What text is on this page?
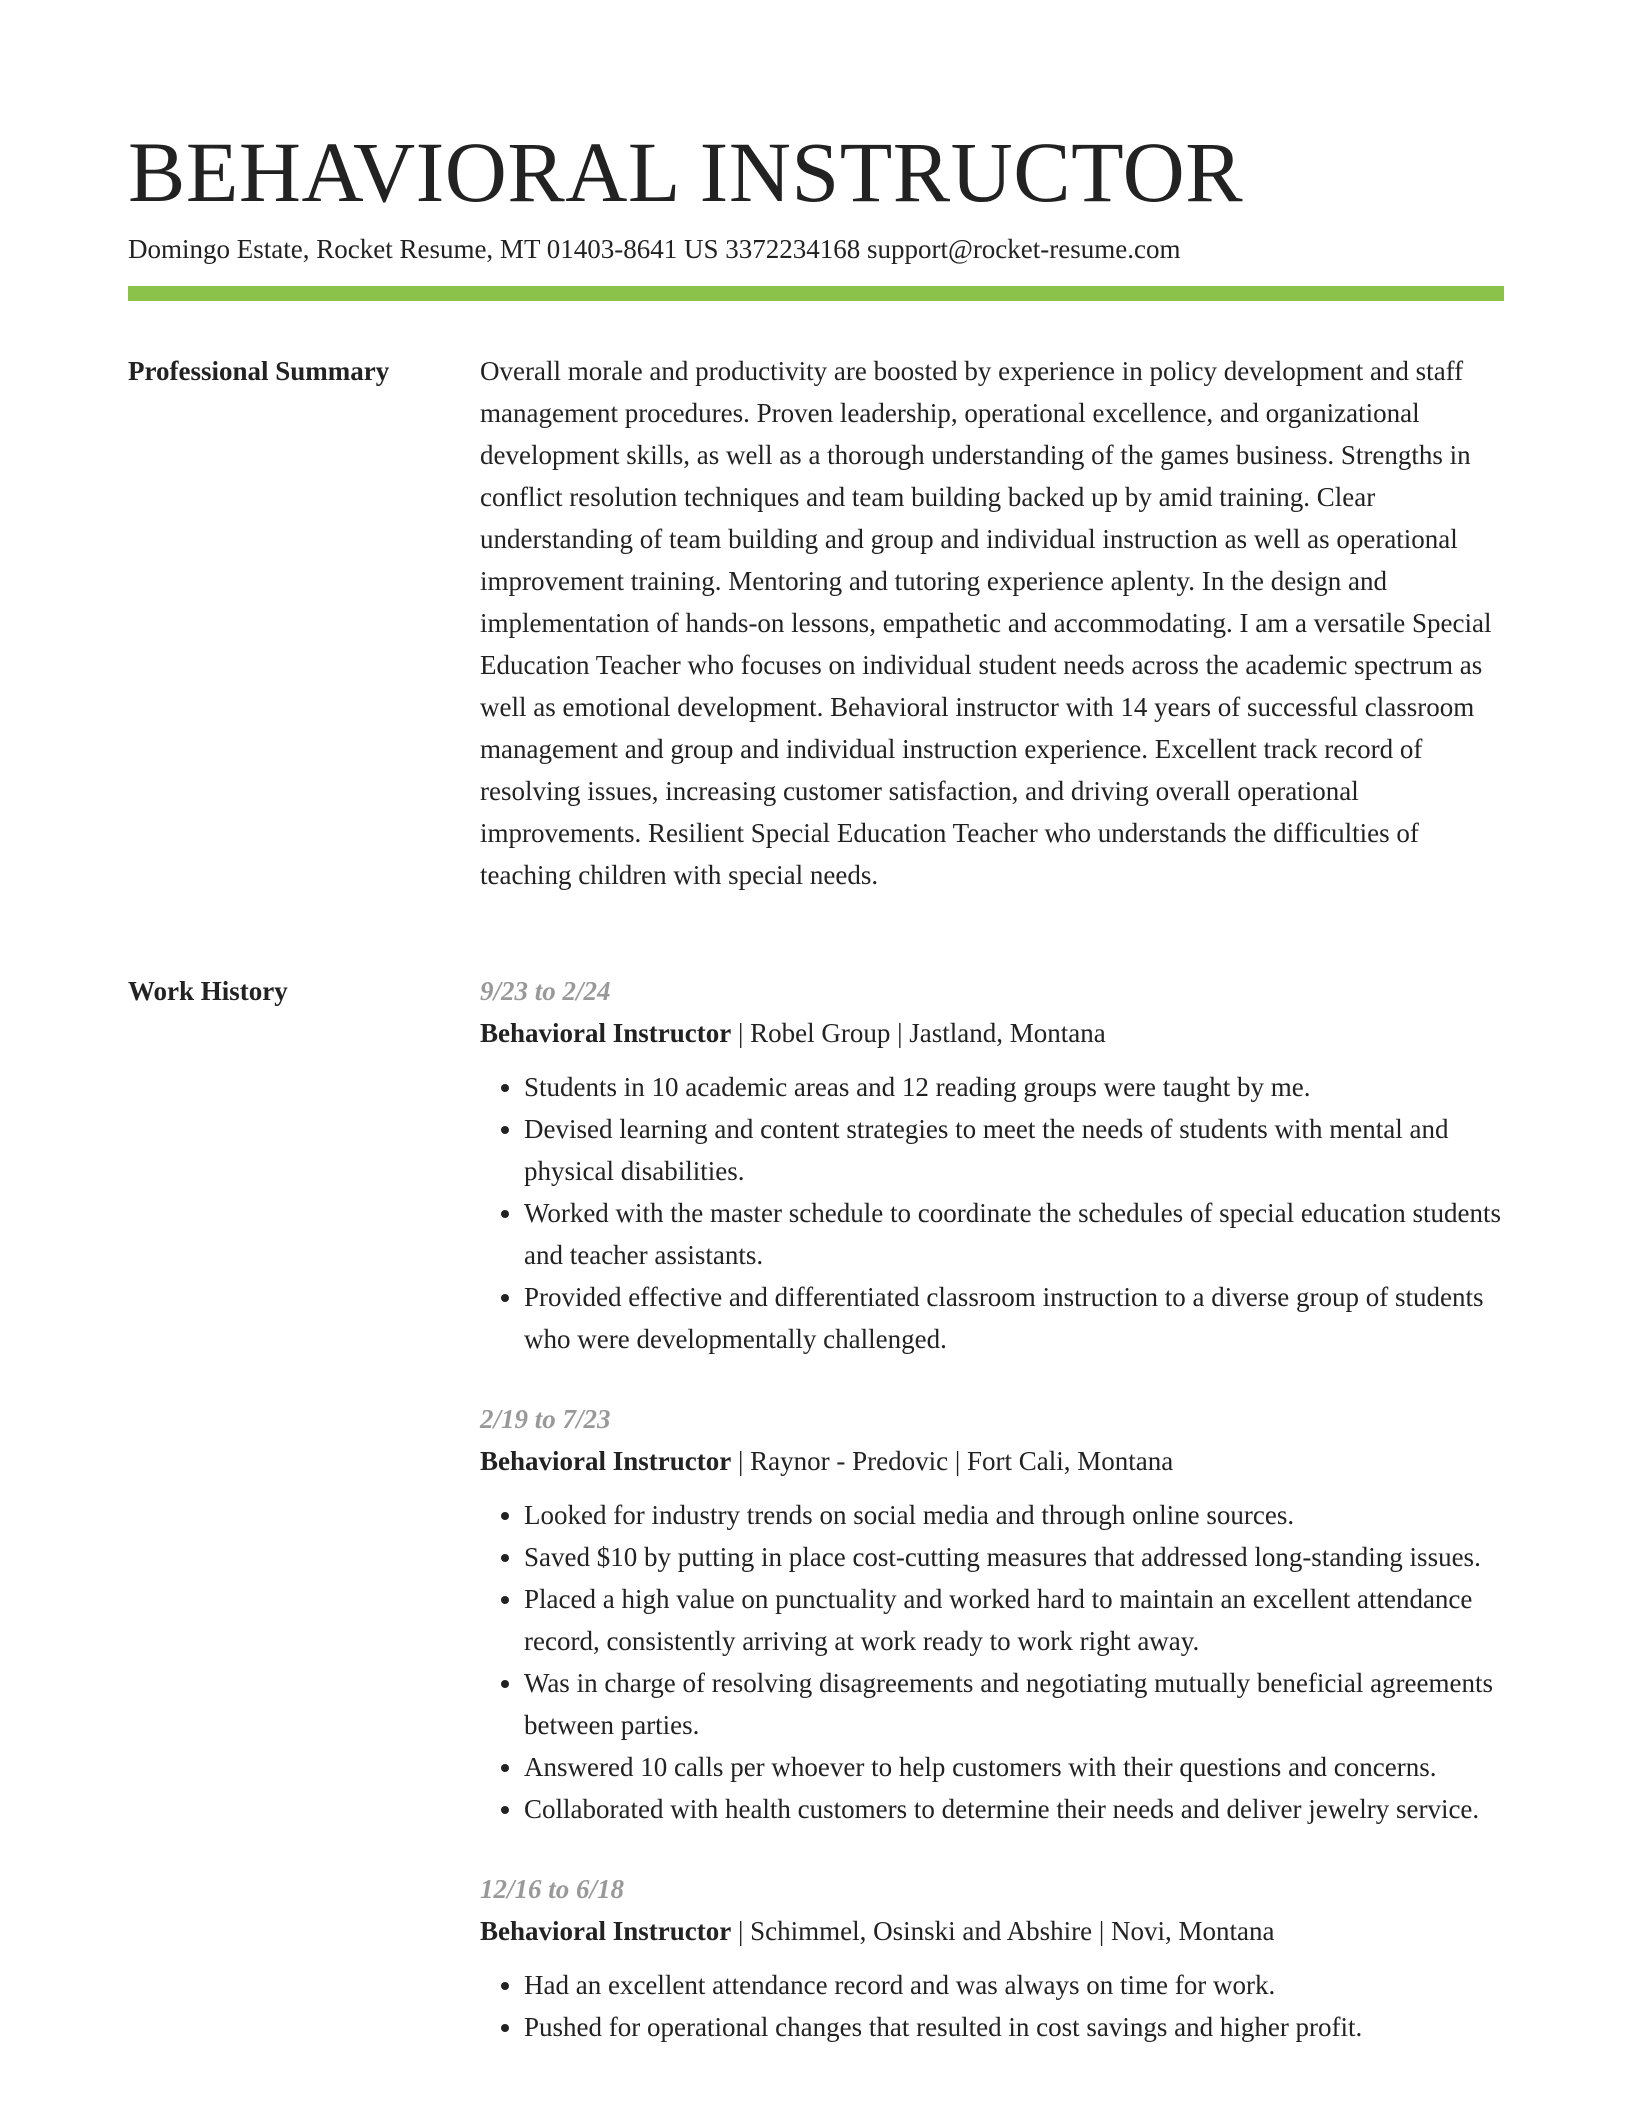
BEHAVIORAL INSTRUCTOR
Domingo Estate, Rocket Resume, MT 01403-8641 US 3372234168 support@rocket-resume.com
Professional Summary	Overall morale and productivity are boosted by experience in policy development and staff management procedures. Proven leadership, operational excellence, and organizational development skills, as well as a thorough understanding of the games business. Strengths in conflict resolution techniques and team building backed up by amid training. Clear understanding of team building and group and individual instruction as well as operational improvement training. Mentoring and tutoring experience aplenty. In the design and implementation of hands-on lessons, empathetic and accommodating. I am a versatile Special Education Teacher who focuses on individual student needs across the academic spectrum as well as emotional development. Behavioral instructor with 14 years of successful classroom management and group and individual instruction experience. Excellent track record of resolving issues, increasing customer satisfaction, and driving overall operational improvements. Resilient Special Education Teacher who understands the difficulties of teaching children with special needs.

Work History	9/23 to 2/24
Behavioral Instructor | Robel Group | Jastland, Montana
• Students in 10 academic areas and 12 reading groups were taught by me.
• Devised learning and content strategies to meet the needs of students with mental and physical disabilities.
• Worked with the master schedule to coordinate the schedules of special education students and teacher assistants.
• Provided effective and differentiated classroom instruction to a diverse group of students who were developmentally challenged.
2/19 to 7/23
Behavioral Instructor | Raynor - Predovic | Fort Cali, Montana
• Looked for industry trends on social media and through online sources.
• Saved $10 by putting in place cost-cutting measures that addressed long-standing issues.
• Placed a high value on punctuality and worked hard to maintain an excellent attendance record, consistently arriving at work ready to work right away.
• Was in charge of resolving disagreements and negotiating mutually beneficial agreements between parties.
• Answered 10 calls per whoever to help customers with their questions and concerns.
• Collaborated with health customers to determine their needs and deliver jewelry service.
12/16 to 6/18
Behavioral Instructor | Schimmel, Osinski and Abshire | Novi, Montana
• Had an excellent attendance record and was always on time for work.
• Pushed for operational changes that resulted in cost savings and higher profit.
